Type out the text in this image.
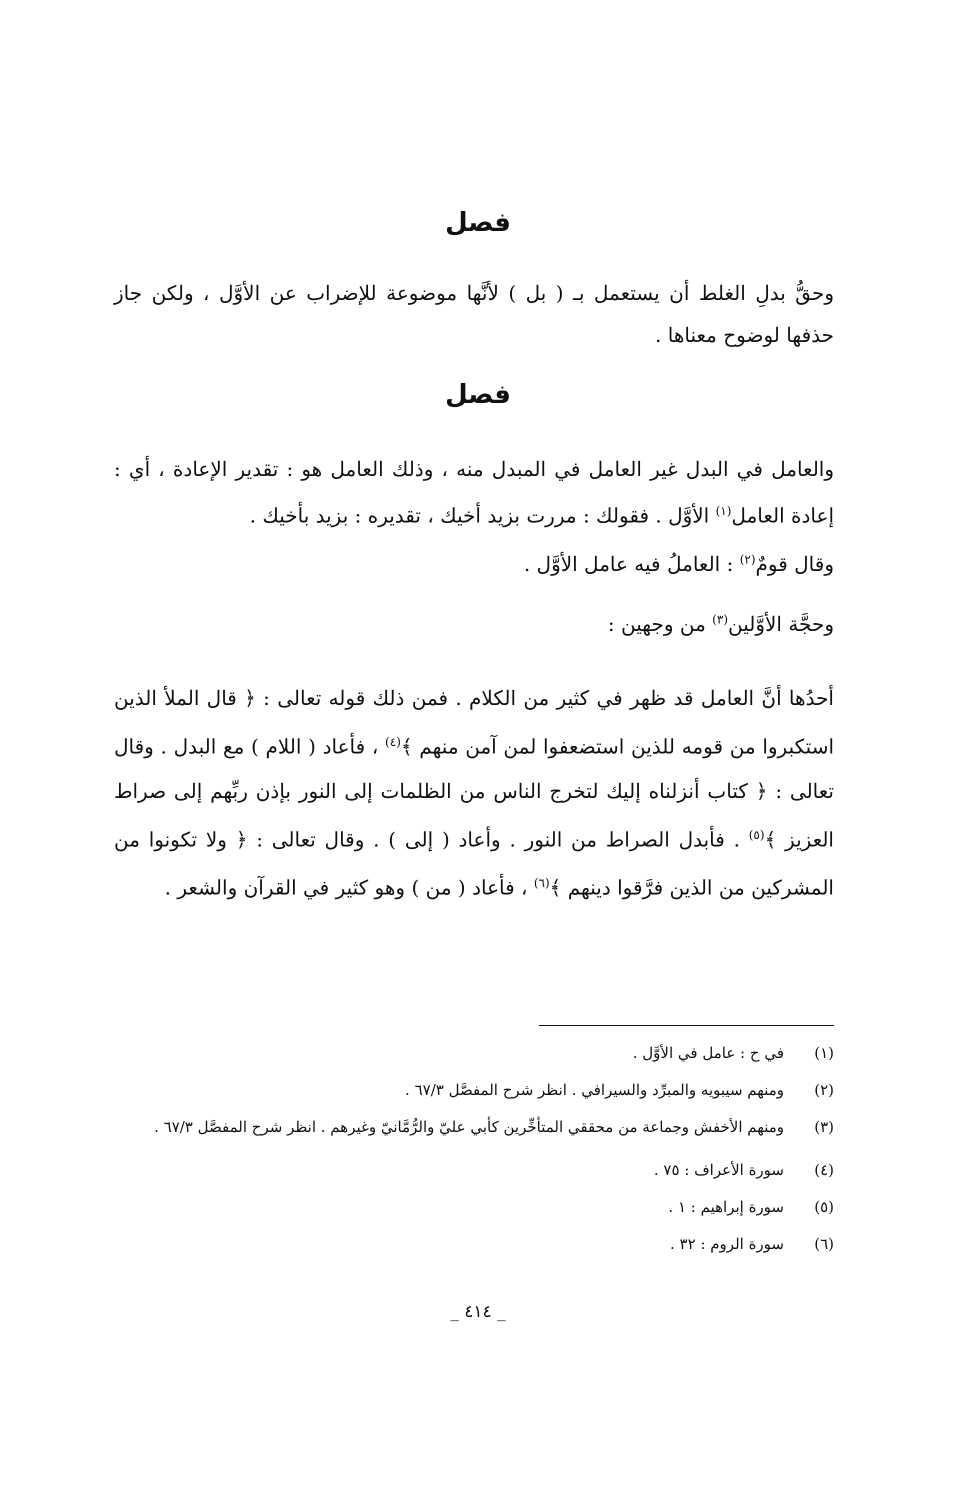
فصل
وحقُّ بدلِ الغلط أن يستعمل بـ ( بل ) لأنَّها موضوعة للإضراب عن الأوَّل ، ولكن جاز حذفها لوضوح معناها .
فصل
والعامل في البدل غير العامل في المبدل منه ، وذلك العامل هو : تقدير الإعادة ، أي : إعادة العامل$^{(١)}$ الأوَّل . فقولك : مررت بزيد أخيك ، تقديره : بزيد بأخيك .
وقال قومٌ$^{(٢)}$ : العاملُ فيه عامل الأوَّل .
وحجَّة الأوَّلين$^{(٣)}$ من وجهين :
أحدُها أنَّ العامل قد ظهر في كثير من الكلام . فمن ذلك قوله تعالى : ﴿ قال الملأ الذين استكبروا من قومه للذين استضعفوا لمن آمن منهم ﴾$^{(٤)}$ ، فأعاد ( اللام ) مع البدل . وقال تعالى : ﴿ كتاب أنزلناه إليك لتخرج الناس من الظلمات إلى النور بإذن ربِّهم إلى صراط العزيز ﴾$^{(٥)}$ . فأبدل الصراط من النور . وأعاد ( إلى ) . وقال تعالى : ﴿ ولا تكونوا من المشركين من الذين فرَّقوا دينهم ﴾$^{(٦)}$ ، فأعاد ( من ) وهو كثير في القرآن والشعر .
(١)
في ح : عامل في الأوَّل .
(٢)
ومنهم سيبويه والمبرِّد والسيرافي . انظر شرح المفصَّل ٦٧/٣ .
(٣)
ومنهم الأخفش وجماعة من محققي المتأخِّرين كأبي عليّ والرُّمَّانيّ وغيرهم . انظر شرح المفصَّل ٦٧/٣ .
(٤)
سورة الأعراف : ٧٥ .
(٥)
سورة إبراهيم : ١ .
(٦)
سورة الروم : ٣٢ .
_ ٤١٤ _
